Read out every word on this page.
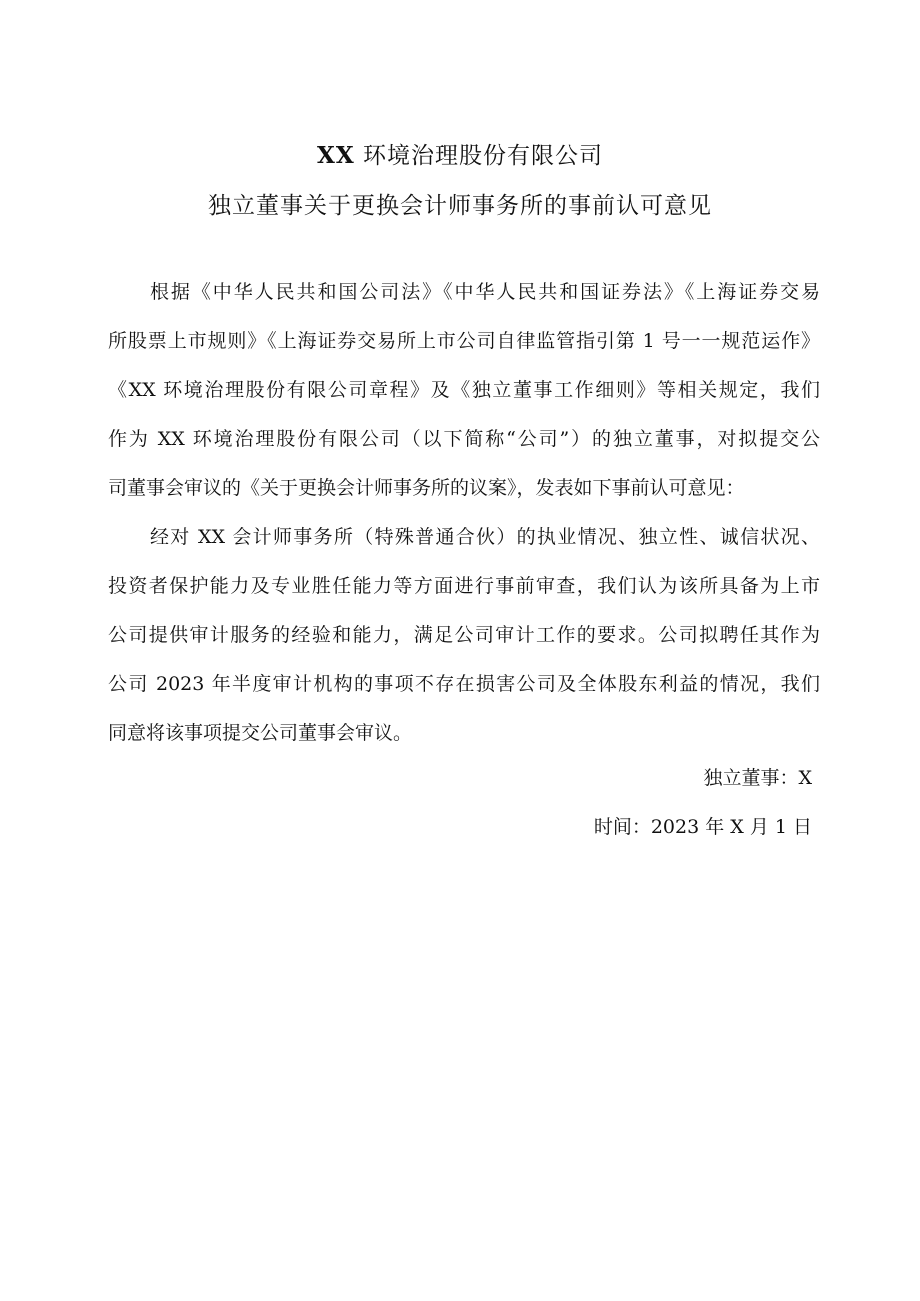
XX 环境治理股份有限公司
独立董事关于更换会计师事务所的事前认可意见
根据《中华人民共和国公司法》《中华人民共和国证券法》《上海证券交易
所股票上市规则》《上海证券交易所上市公司自律监管指引第 1 号一一规范运作》
《XX 环境治理股份有限公司章程》及《独立董事工作细则》等相关规定，我们
作为 XX 环境治理股份有限公司（以下简称“公司”）的独立董事，对拟提交公
司董事会审议的《关于更换会计师事务所的议案》，发表如下事前认可意见：
经对 XX 会计师事务所（特殊普通合伙）的执业情况、独立性、诚信状况、
投资者保护能力及专业胜任能力等方面进行事前审查，我们认为该所具备为上市
公司提供审计服务的经验和能力，满足公司审计工作的要求。公司拟聘任其作为
公司 2023 年半度审计机构的事项不存在损害公司及全体股东利益的情况，我们
同意将该事项提交公司董事会审议。
独立董事：X
时间：2023 年 X 月 1 日
